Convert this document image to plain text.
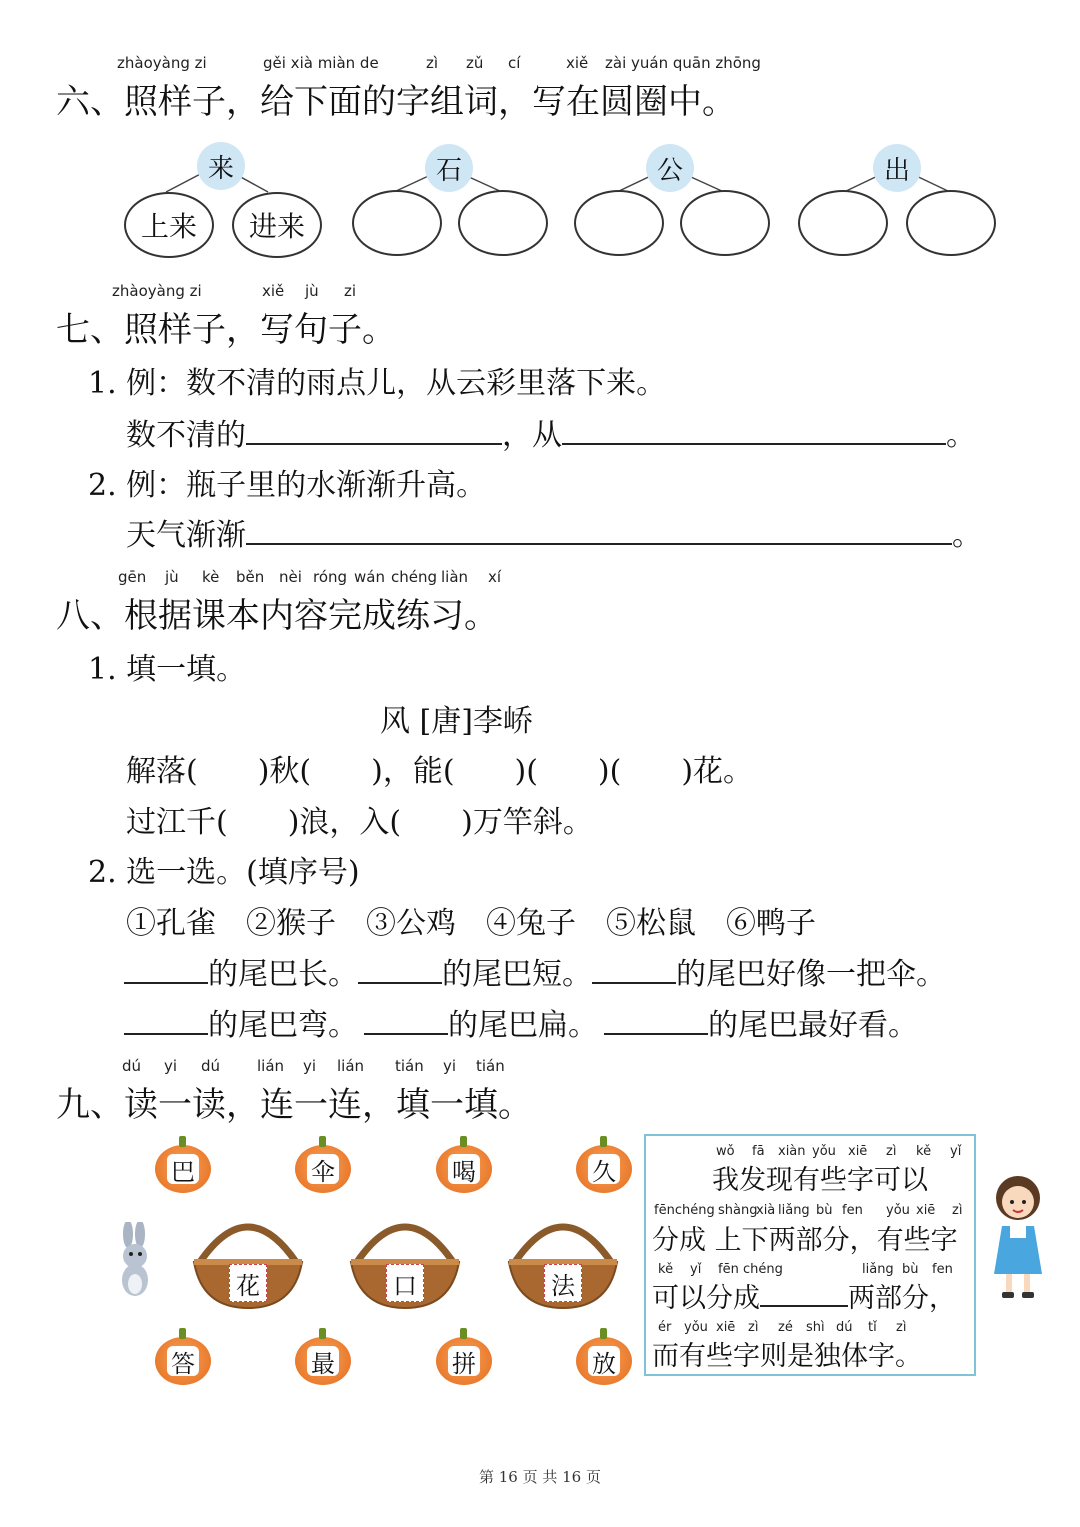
zhàoyàng zi	gěi xià miàn de	zì zǔ cí	xiě zài yuán quān zhōng
六、照样子，给下面的字组词，写在圆圈中。
来
上来	进来
石	公	出
zhàoyàng zi	xiě jù zi
七、照样子，写句子。
1. 例：数不清的雨点儿，从云彩里落下来。
数不清的	，从	。
2. 例：瓶子里的水渐渐升高。
天气渐渐	。
gēn jù kè běn nèi róng wán chéng liàn xí
八、根据课本内容完成练习。
1. 填一填。
风 [唐]李峤
解落(　　)秋(　　)，能(　　)(　　)(　　)花。
过江千(　　)浪，入(　　)万竿斜。
2. 选一选。(填序号)
①孔雀　②猴子　③公鸡　④兔子　⑤松鼠　⑥鸭子
的尾巴长。	的尾巴短。	的尾巴好像一把伞。
的尾巴弯。	的尾巴扁。	的尾巴最好看。
dú yi dú lián yi lián tián yi tián
九、读一读，连一连，填一填。
巴	伞	喝	久
花	口	法
答	最	拼	放
wǒ fā xiàn yǒu xiē zì kě yǐ
我发现有些字可以
fēnchéng shàng
xià liǎng bù fen yǒu xiē zì
分成 上下两部分，有些字
kě yǐ fēn chéng	liǎng bù fen
可以分成	两部分，
ér yǒu xiē zì zé shì dú tǐ zì
而有些字则是独体字。
第 16 页 共 16 页
